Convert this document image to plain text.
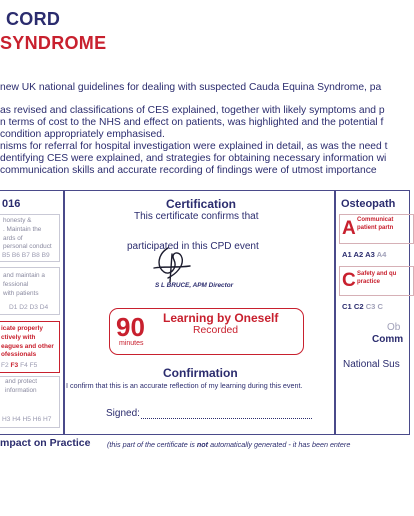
CORD
SYNDROME
new UK national guidelines for dealing with suspected Cauda Equina Syndrome, pa
as revised and classifications of CES explained, together with likely symptoms and p
n terms of cost to the NHS and effect on patients, was highlighted and the potential f
condition appropriately emphasised.
nisms for referral for hospital investigation were explained in detail, as was the need t
dentifying CES were explained, and strategies for obtaining necessary information wi
communication skills and accurate recording of findings were of utmost importance
016
honesty &
. Maintain the
ards of
personal conduct
B5 B6 B7 B8 B9
and maintain a
fessional
with patients
D1 D2 D3 D4
icate properly
ctively with
eagues and other
ofessionals
F2 F3 F4 F5
and protect
information
H3 H4 H5 H6 H7
Certification
This certificate confirms that
participated in this CPD event
S L BRUCE, APM Director
90
minutes
Learning by Oneself
Recorded
Confirmation
I confirm that this is an accurate reflection of my learning during this event.
Signed:
Osteopath
A Communicat
patient partn
A1 A2 A3 A4
C Safety and qu
practice
C1 C2 C3 C
Ob
Comm
National Sus
mpact on Practice (this part of the certificate is not automatically generated - it has been entere
